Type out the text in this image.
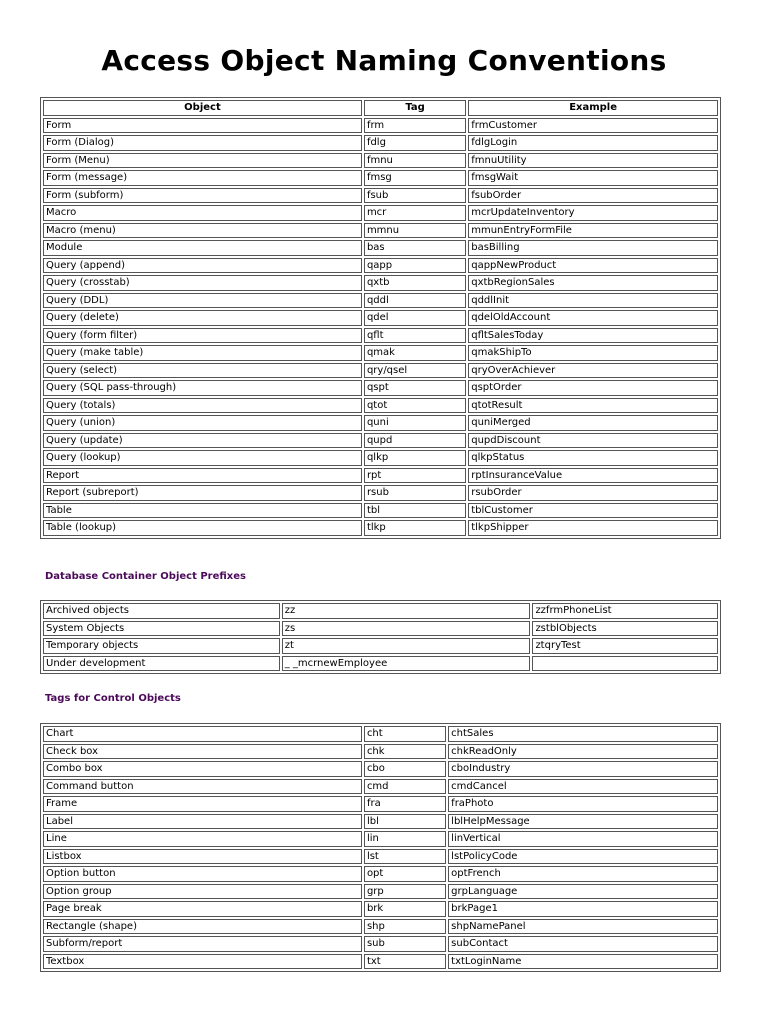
Access Object Naming Conventions
Object	Tag	Example
Form	frm	frmCustomer
Form (Dialog)	fdlg	fdlgLogin
Form (Menu)	fmnu	fmnuUtility
Form (message)	fmsg	fmsgWait
Form (subform)	fsub	fsubOrder
Macro	mcr	mcrUpdateInventory
Macro (menu)	mmnu	mmunEntryFormFile
Module	bas	basBilling
Query (append)	qapp	qappNewProduct
Query (crosstab)	qxtb	qxtbRegionSales
Query (DDL)	qddl	qddlInit
Query (delete)	qdel	qdelOldAccount
Query (form filter)	qflt	qfltSalesToday
Query (make table)	qmak	qmakShipTo
Query (select)	qry/qsel	qryOverAchiever
Query (SQL pass-through)	qspt	qsptOrder
Query (totals)	qtot	qtotResult
Query (union)	quni	quniMerged
Query (update)	qupd	qupdDiscount
Query (lookup)	qlkp	qlkpStatus
Report	rpt	rptInsuranceValue
Report (subreport)	rsub	rsubOrder
Table	tbl	tblCustomer
Table (lookup)	tlkp	tlkpShipper
Database Container Object Prefixes
Archived objects	zz	zzfrmPhoneList
System Objects	zs	zstblObjects
Temporary objects	zt	ztqryTest
Under development	_ _mcrnewEmployee	
Tags for Control Objects
Chart	cht	chtSales
Check box	chk	chkReadOnly
Combo box	cbo	cboIndustry
Command button	cmd	cmdCancel
Frame	fra	fraPhoto
Label	lbl	lblHelpMessage
Line	lin	linVertical
Listbox	lst	lstPolicyCode
Option button	opt	optFrench
Option group	grp	grpLanguage
Page break	brk	brkPage1
Rectangle (shape)	shp	shpNamePanel
Subform/report	sub	subContact
Textbox	txt	txtLoginName
